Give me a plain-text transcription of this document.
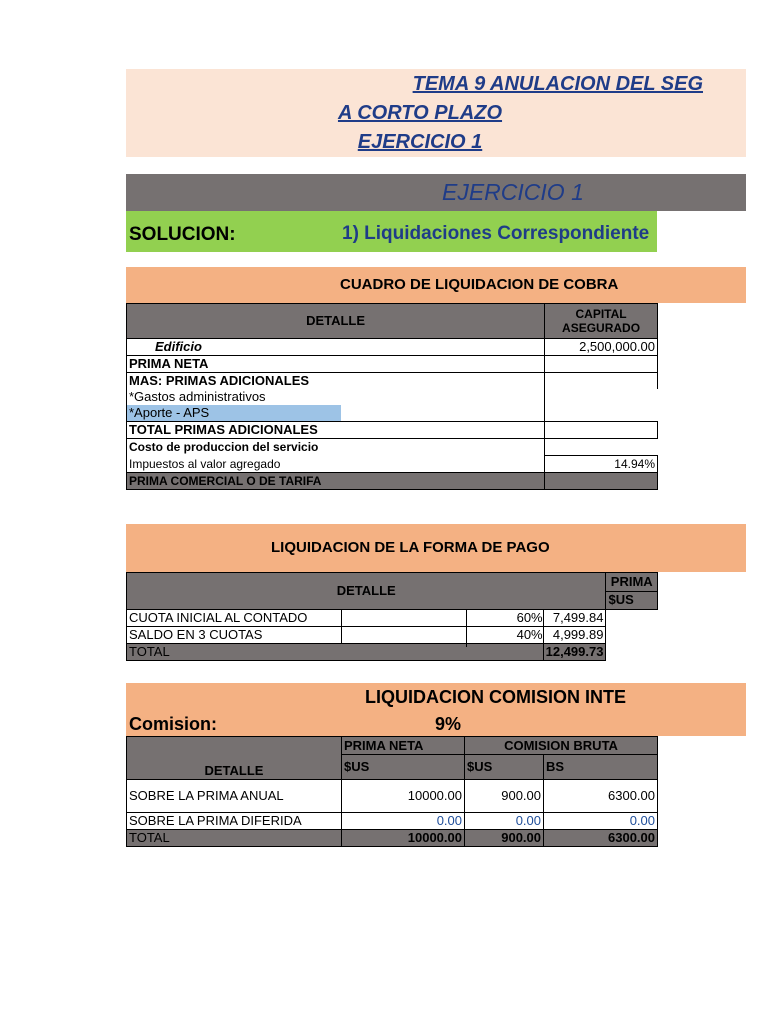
TEMA 9 ANULACION DEL SEG
A CORTO PLAZO
EJERCICIO 1
EJERCICIO 1
SOLUCION:	1) Liquidaciones Correspondiente
CUADRO DE LIQUIDACION DE COBRA
DETALLE	CAPITAL ASEGURADO
Edificio	2,500,000.00
PRIMA NETA	
MAS: PRIMAS ADICIONALES	
*Gastos administrativos	
*Aporte - APS	
TOTAL PRIMAS ADICIONALES	
Costo de produccion del servicio	
Impuestos al valor agregado	14.94%
PRIMA COMERCIAL O DE TARIFA	
LIQUIDACION DE LA FORMA DE PAGO
DETALLE		PRIMA
		$US
CUOTA INICIAL AL CONTADO 60%	7,499.84
SALDO EN 3 CUOTAS 40%	4,999.89	
TOTAL	12,499.73	
LIQUIDACION COMISION INTE
Comision:	9%
DETALLE	PRIMA NETA	COMISION BRUTA	
	$US	$US	BS
SOBRE LA PRIMA ANUAL	10000.00	900.00	6300.00
SOBRE LA PRIMA DIFERIDA	0.00	0.00	0.00
TOTAL	10000.00	900.00	6300.00
